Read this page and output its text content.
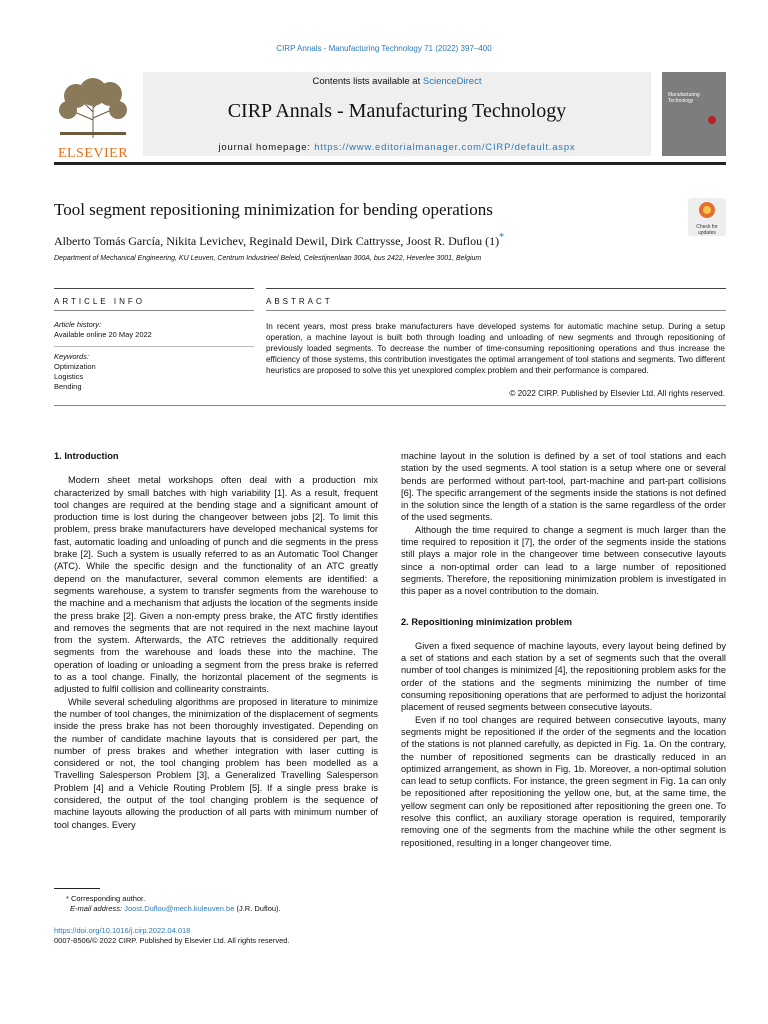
CIRP Annals - Manufacturing Technology 71 (2022) 397–400
ELSEVIER
Contents lists available at ScienceDirect
CIRP Annals - Manufacturing Technology
journal homepage: https://www.editorialmanager.com/CIRP/default.aspx
Manufacturing Technology
Check for updates
Tool segment repositioning minimization for bending operations
Alberto Tomás García, Nikita Levichev, Reginald Dewil, Dirk Cattrysse, Joost R. Duflou (1)*
Department of Mechanical Engineering, KU Leuven, Centrum Industrieel Beleid, Celestijnenlaan 300A, bus 2422, Heverlee 3001, Belgium
ARTICLE INFO	ABSTRACT
Article history:
Available online 20 May 2022
Keywords:
Optimization
Logistics
Bending
In recent years, most press brake manufacturers have developed systems for automatic machine setup. During a setup operation, a machine layout is built both through loading and unloading of new segments and through repositioning of previously loaded segments. To decrease the number of time-consuming repositioning operations and thus increase the efficiency of those systems, this contribution investigates the optimal arrangement of tool stations and segments. Two different heuristics are proposed to solve this yet unexplored complex problem and their performance is compared.
© 2022 CIRP. Published by Elsevier Ltd. All rights reserved.
1. Introduction

Modern sheet metal workshops often deal with a production mix characterized by small batches with high variability [1]. As a result, frequent tool changes are required at the bending stage and a significant amount of production time is lost during the changeover between jobs [2]. To limit this problem, press brake manufacturers have developed mechanical systems for fast, automatic loading and unloading of punch and die segments in the press brake [2]. Such a system is usually referred to as an Automatic Tool Changer (ATC). While the specific design and the functionality of an ATC greatly depend on the manufacturer, several common elements are identified: a segments warehouse, a system to transfer segments from the warehouse to the machine and a mechanism that adjusts the location of the segments inside the press brake [2]. Given a non-empty press brake, the ATC firstly identifies and removes the segments that are not required in the next machine layout from the system. Afterwards, the ATC retrieves the additionally required segments from the warehouse and loads these into the machine. The operation of loading or unloading a segment from the press brake is referred to as a tool change. Finally, the horizontal placement of the segments is adjusted to fulfil collision and collinearity constraints.

While several scheduling algorithms are proposed in literature to minimize the number of tool changes, the minimization of the displacement of segments inside the press brake has not been thoroughly investigated. Depending on the number of candidate machine layouts that is considered per part, the number of press brakes and whether integration with laser cutting is considered or not, the tool changing problem has been modelled as a Travelling Salesperson Problem [3], a Generalized Travelling Salesperson Problem [4] and a Vehicle Routing Problem [5]. If a single press brake is considered, the output of the tool changing problem is the sequence of machine layouts allowing the production of all parts with minimum number of tool changes. Every

machine layout in the solution is defined by a set of tool stations and each station by the used segments. A tool station is a setup where one or several bends are performed without part-tool, part-machine and part-part collisions [6]. The specific arrangement of the segments inside the stations is not defined in the solution since the length of a station is the same regardless of the order of the used segments.

Although the time required to change a segment is much larger than the time required to reposition it [7], the order of the segments inside the stations still plays a major role in the changeover time between consecutive layouts since a non-optimal order can lead to a large number of repositioned segments. Therefore, the repositioning minimization problem is investigated in this paper as a novel contribution to the domain.

2. Repositioning minimization problem

Given a fixed sequence of machine layouts, every layout being defined by a set of stations and each station by a set of segments such that the overall number of tool changes is minimized [4], the repositioning problem asks for the order of the stations and the segments minimizing the number of time consuming repositioning operations that are performed to adjust the horizontal placement of reused segments between consecutive layouts.

Even if no tool changes are required between consecutive layouts, many segments might be repositioned if the order of the segments and the location of the stations is not planned carefully, as depicted in Fig. 1a. On the contrary, the number of repositioned segments can be drastically reduced in an optimized arrangement, as shown in Fig. 1b. Moreover, a non-optimal solution can lead to setup conflicts. For instance, the green segment in Fig. 1a can only be repositioned after repositioning the yellow one, but, at the same time, the yellow segment can only be repositioned after repositioning the green one. To resolve this conflict, an auxiliary storage operation is required, temporarily removing one of the segments from the machine while the other segment is repositioned, resulting in a longer changeover time.

* Corresponding author.
E-mail address: Joost.Duflou@mech.kuleuven.be (J.R. Duflou).
https://doi.org/10.1016/j.cirp.2022.04.018
0007-8506/© 2022 CIRP. Published by Elsevier Ltd. All rights reserved.
